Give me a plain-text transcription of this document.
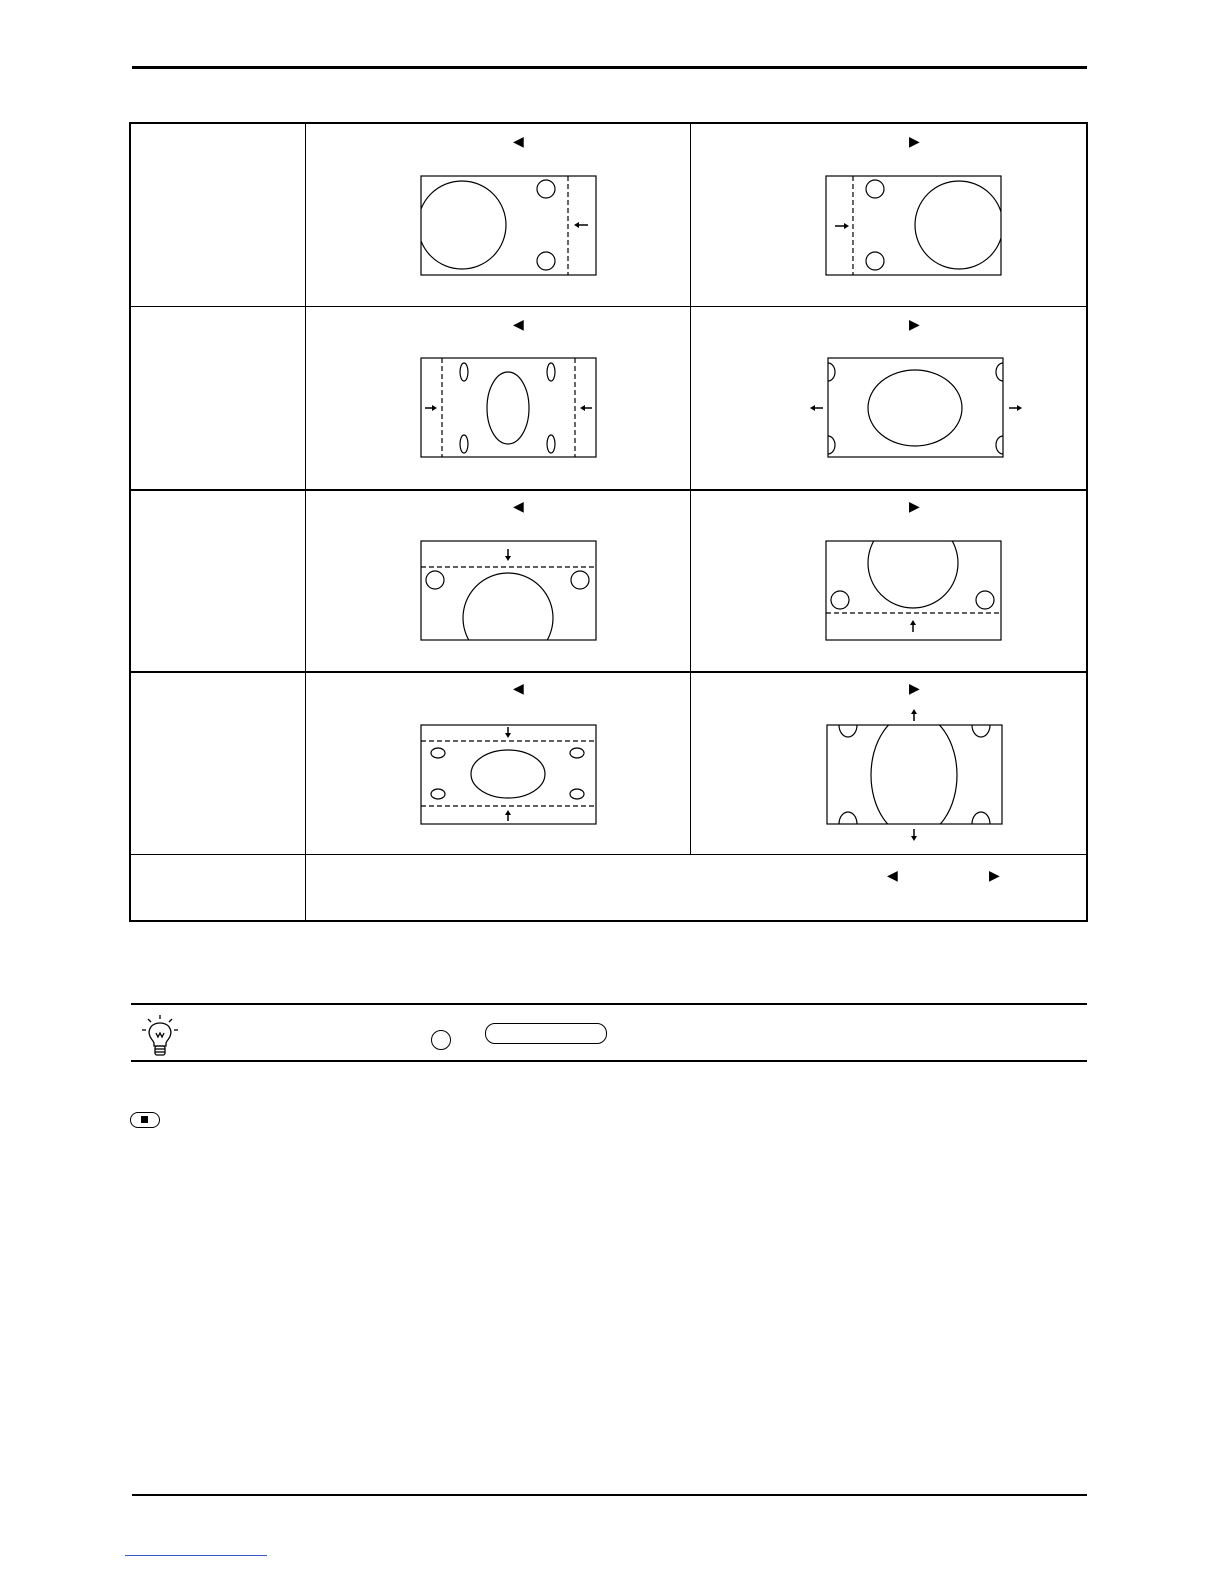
◀	▶
◀	▶
◀	▶
◀	▶
◀	▶
